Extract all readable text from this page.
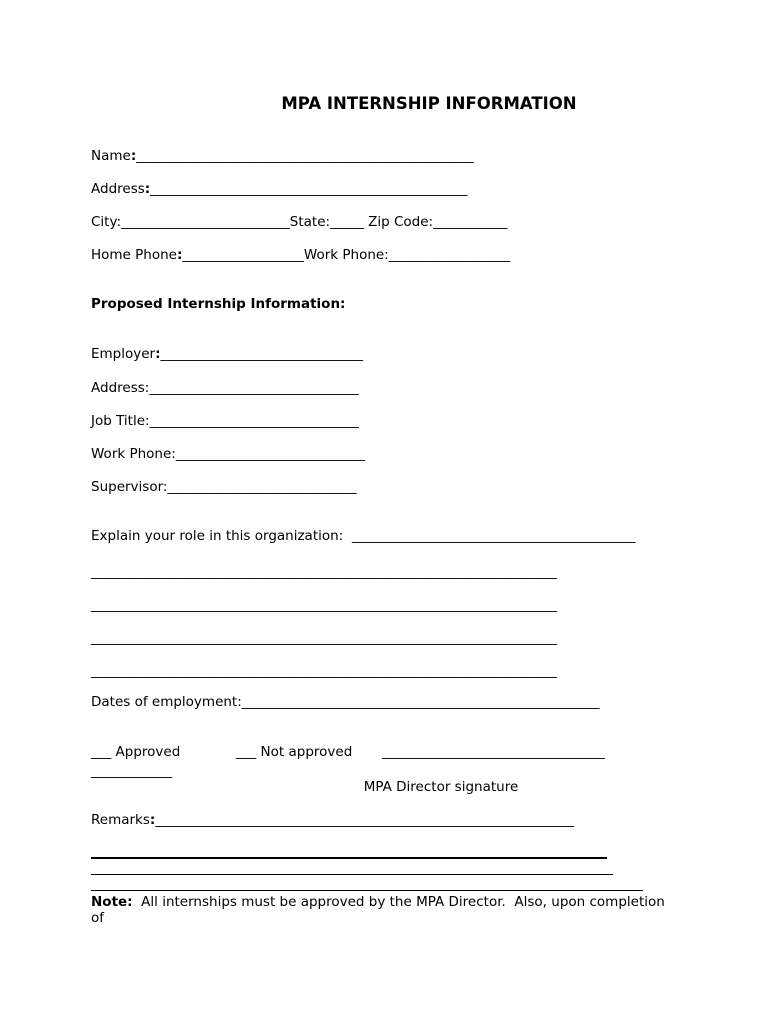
MPA INTERNSHIP INFORMATION
Name:__________________________________________________
Address:_______________________________________________
City:_________________________State:_____ Zip Code:___________
Home Phone:__________________Work Phone:__________________
Proposed Internship Information:
Employer:______________________________
Address:_______________________________
Job Title:_______________________________
Work Phone:____________________________
Supervisor:____________________________
Explain your role in this organization:  __________________________________________
_____________________________________________________________________
_____________________________________________________________________
_____________________________________________________________________
_____________________________________________________________________
Dates of employment:_____________________________________________________
___ Approved	___ Not approved _________________________________
____________
MPA Director signature
Remarks:______________________________________________________________
Note:  All internships must be approved by the MPA Director.  Also, upon completion
of
